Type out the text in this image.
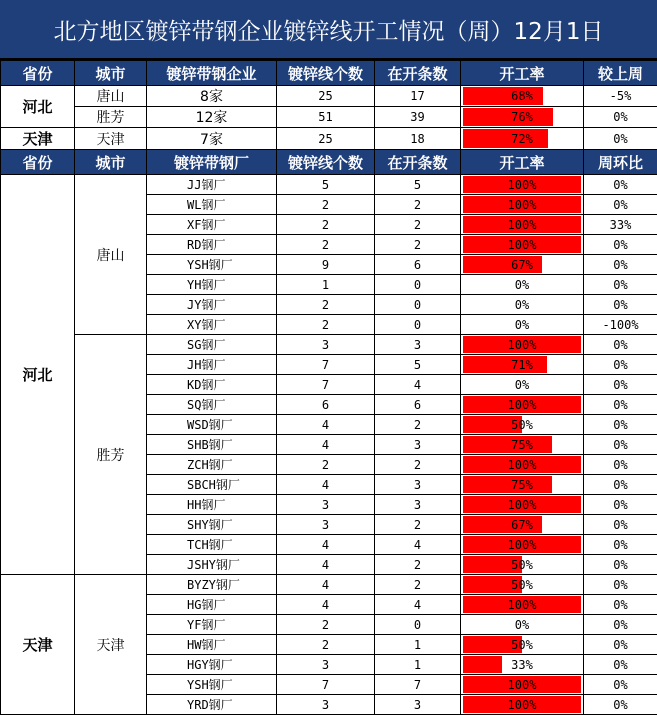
北方地区镀锌带钢企业镀锌线开工情况（周）12月1日
省份	城市	镀锌带钢企业	镀锌线个数	在开条数	开工率	较上周
河北	唐山	8家	25	17	68%	-5%
	胜芳	12家	51	39	76%	0%
天津	天津	7家	25	18	72%	0%
省份	城市	镀锌带钢厂	镀锌线个数	在开条数	开工率	周环比
河北	唐山	JJ钢厂	5	5	100%	0%
		WL钢厂	2	2	100%	0%
		XF钢厂	2	2	100%	33%
		RD钢厂	2	2	100%	0%
		YSH钢厂	9	6	67%	0%
		YH钢厂	1	0	0%	0%
		JY钢厂	2	0	0%	0%
		XY钢厂	2	0	0%	-100%
	胜芳	SG钢厂	3	3	100%	0%
		JH钢厂	7	5	71%	0%
		KD钢厂	7	4	0%	0%
		SQ钢厂	6	6	100%	0%
		WSD钢厂	4	2	50%	0%
		SHB钢厂	4	3	75%	0%
		ZCH钢厂	2	2	100%	0%
		SBCH钢厂	4	3	75%	0%
		HH钢厂	3	3	100%	0%
		SHY钢厂	3	2	67%	0%
		TCH钢厂	4	4	100%	0%
		JSHY钢厂	4	2	50%	0%
天津	天津	BYZY钢厂	4	2	50%	0%
		HG钢厂	4	4	100%	0%
		YF钢厂	2	0	0%	0%
		HW钢厂	2	1	50%	0%
		HGY钢厂	3	1	33%	0%
		YSH钢厂	7	7	100%	0%
		YRD钢厂	3	3	100%	0%
